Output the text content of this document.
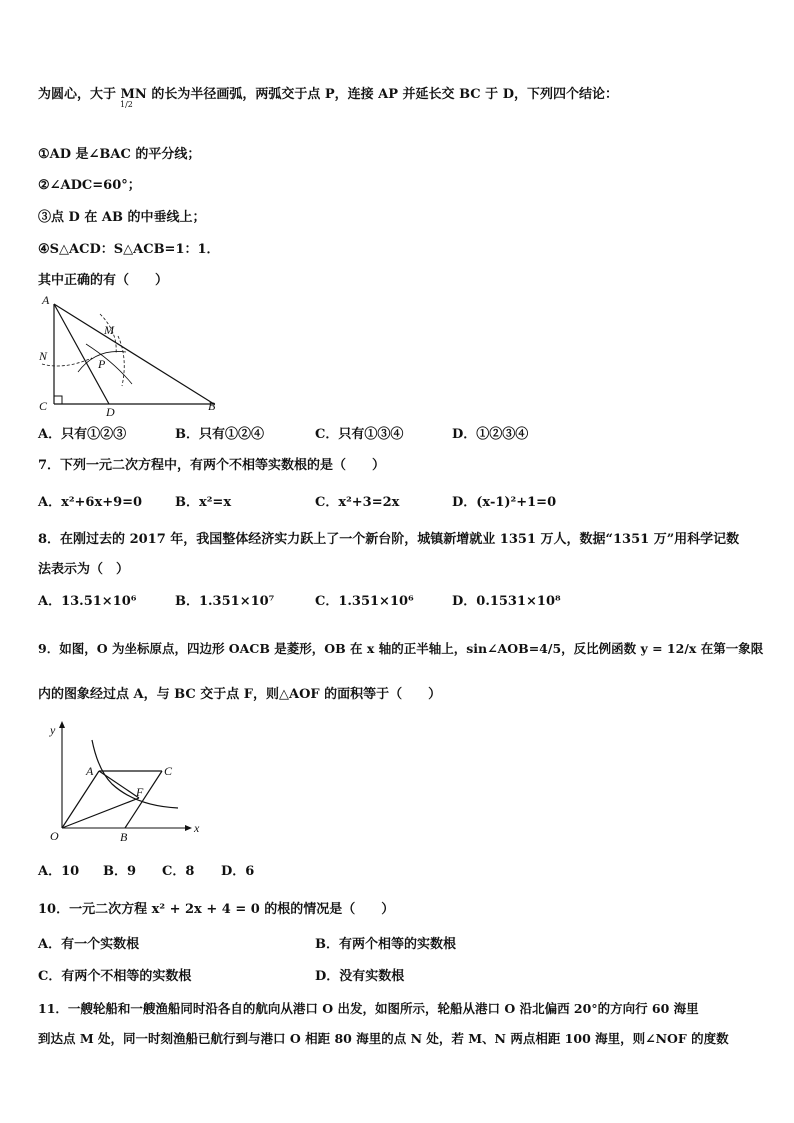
为圆心，大于 MN 的长为半径画弧，两弧交于点 P，连接 AP 并延长交 BC 于 D，下列四个结论：
1/2
①AD 是∠BAC 的平分线；
②∠ADC=60°；
③点 D 在 AB 的中垂线上；
④S△ACD：S△ACB=1：1．
其中正确的有（　　）
A
M
N
P
C	D	B
A．只有①②③	B．只有①②④	C．只有①③④	D．①②③④
7．下列一元二次方程中，有两个不相等实数根的是（　　）
A．x²+6x+9=0	B．x²=x	C．x²+3=2x	D．(x-1)²+1=0
8．在刚过去的 2017 年，我国整体经济实力跃上了一个新台阶，城镇新增就业 1351 万人，数据“1351 万”用科学记数
法表示为（　）
A．13.51×10⁶	B．1.351×10⁷	C．1.351×10⁶	D．0.1531×10⁸
9．如图，O 为坐标原点，四边形 OACB 是菱形，OB 在 x 轴的正半轴上，sin∠AOB=4/5，反比例函数 y = 12/x 在第一象限
内的图象经过点 A，与 BC 交于点 F，则△AOF 的面积等于（　　）
y
A	C
F
O	B
x
A．10 B．9 C．8 D．6
10．一元二次方程 x² + 2x + 4 = 0 的根的情况是（　　）
A．有一个实数根	B．有两个相等的实数根
C．有两个不相等的实数根	D．没有实数根
11．一艘轮船和一艘渔船同时沿各自的航向从港口 O 出发，如图所示，轮船从港口 O 沿北偏西 20°的方向行 60 海里
到达点 M 处，同一时刻渔船已航行到与港口 O 相距 80 海里的点 N 处，若 M、N 两点相距 100 海里，则∠NOF 的度数
